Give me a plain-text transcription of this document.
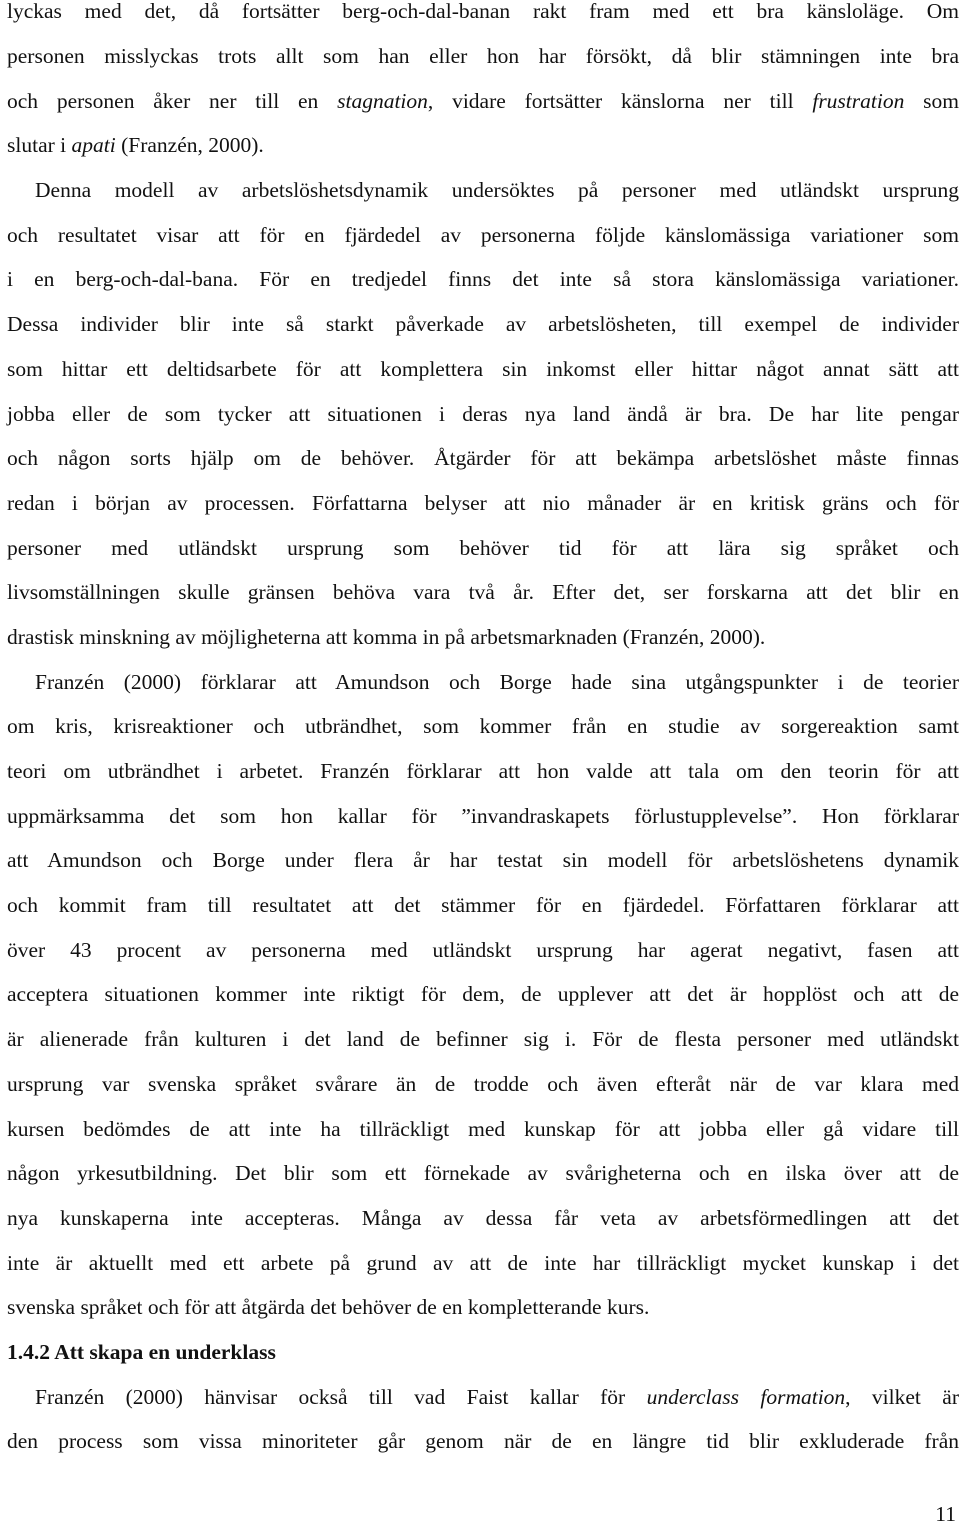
lyckas med det, då fortsätter berg-och-dal-banan rakt fram med ett bra känsloläge. Om
personen misslyckas trots allt som han eller hon har försökt, då blir stämningen inte bra
och personen åker ner till en stagnation, vidare fortsätter känslorna ner till frustration som
slutar i apati (Franzén, 2000).
Denna modell av arbetslöshetsdynamik undersöktes på personer med utländskt ursprung
och resultatet visar att för en fjärdedel av personerna följde känslomässiga variationer som
i en berg-och-dal-bana. För en tredjedel finns det inte så stora känslomässiga variationer.
Dessa individer blir inte så starkt påverkade av arbetslösheten, till exempel de individer
som hittar ett deltidsarbete för att komplettera sin inkomst eller hittar något annat sätt att
jobba eller de som tycker att situationen i deras nya land ändå är bra. De har lite pengar
och någon sorts hjälp om de behöver. Åtgärder för att bekämpa arbetslöshet måste finnas
redan i början av processen. Författarna belyser att nio månader är en kritisk gräns och för
personer med utländskt ursprung som behöver tid för att lära sig språket och
livsomställningen skulle gränsen behöva vara två år. Efter det, ser forskarna att det blir en
drastisk minskning av möjligheterna att komma in på arbetsmarknaden (Franzén, 2000).
Franzén (2000) förklarar att Amundson och Borge hade sina utgångspunkter i de teorier
om kris, krisreaktioner och utbrändhet, som kommer från en studie av sorgereaktion samt
teori om utbrändhet i arbetet. Franzén förklarar att hon valde att tala om den teorin för att
uppmärksamma det som hon kallar för ”invandraskapets förlustupplevelse”. Hon förklarar
att Amundson och Borge under flera år har testat sin modell för arbetslöshetens dynamik
och kommit fram till resultatet att det stämmer för en fjärdedel. Författaren förklarar att
över 43 procent av personerna med utländskt ursprung har agerat negativt, fasen att
acceptera situationen kommer inte riktigt för dem, de upplever att det är hopplöst och att de
är alienerade från kulturen i det land de befinner sig i. För de flesta personer med utländskt
ursprung var svenska språket svårare än de trodde och även efteråt när de var klara med
kursen bedömdes de att inte ha tillräckligt med kunskap för att jobba eller gå vidare till
någon yrkesutbildning. Det blir som ett förnekade av svårigheterna och en ilska över att de
nya kunskaperna inte accepteras. Många av dessa får veta av arbetsförmedlingen att det
inte är aktuellt med ett arbete på grund av att de inte har tillräckligt mycket kunskap i det
svenska språket och för att åtgärda det behöver de en kompletterande kurs.
1.4.2 Att skapa en underklass
Franzén (2000) hänvisar också till vad Faist kallar för underclass formation, vilket är
den process som vissa minoriteter går genom när de en längre tid blir exkluderade från
11
